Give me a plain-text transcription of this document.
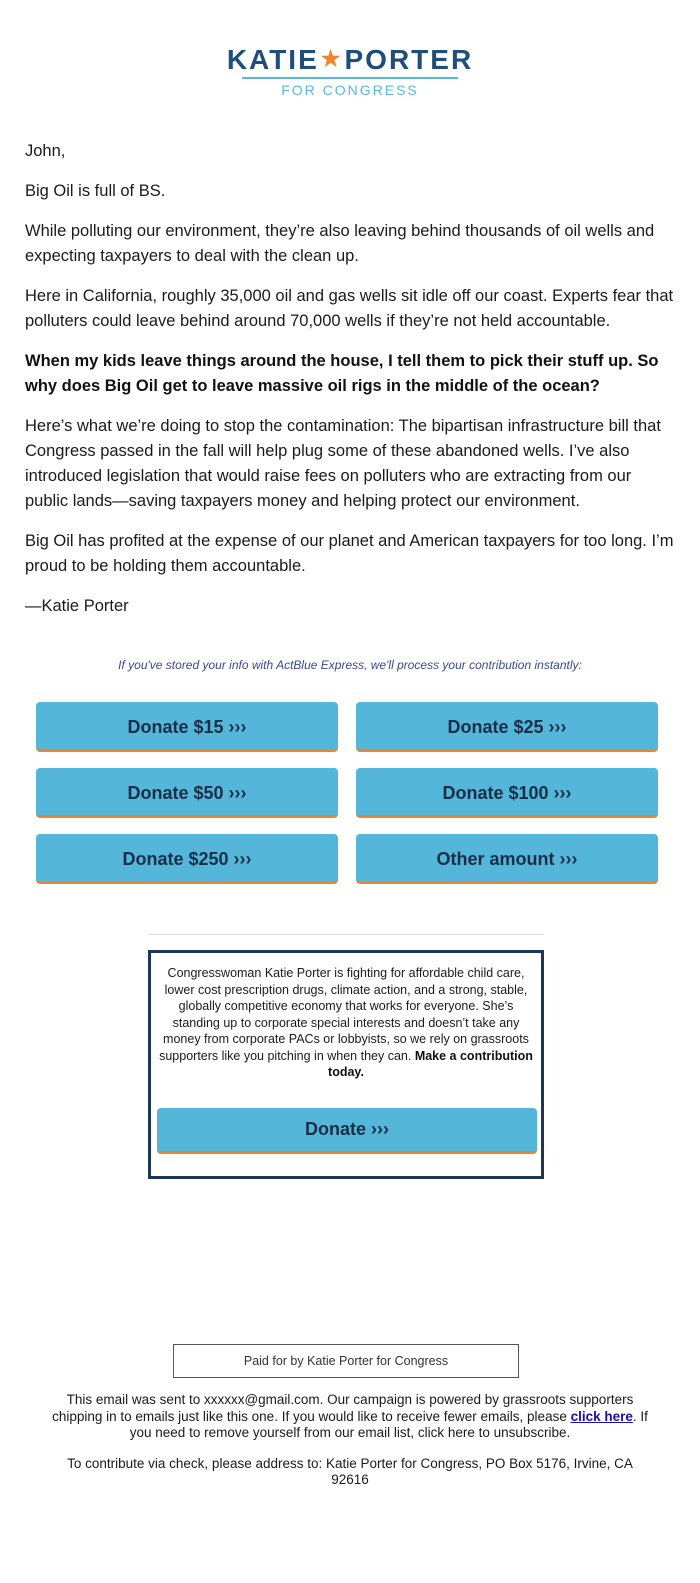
KATIE★PORTER
FOR CONGRESS

John,

Big Oil is full of BS.

While polluting our environment, they’re also leaving behind thousands of oil wells and expecting taxpayers to deal with the clean up.

Here in California, roughly 35,000 oil and gas wells sit idle off our coast. Experts fear that polluters could leave behind around 70,000 wells if they’re not held accountable.

When my kids leave things around the house, I tell them to pick their stuff up. So why does Big Oil get to leave massive oil rigs in the middle of the ocean?

Here’s what we’re doing to stop the contamination: The bipartisan infrastructure bill that Congress passed in the fall will help plug some of these abandoned wells. I’ve also introduced legislation that would raise fees on polluters who are extracting from our public lands—saving taxpayers money and helping protect our environment.

Big Oil has profited at the expense of our planet and American taxpayers for too long. I’m proud to be holding them accountable.

—Katie Porter

If you've stored your info with ActBlue Express, we'll process your contribution instantly:
Donate $15 ›››	Donate $25 ›››
Donate $50 ›››	Donate $100 ›››
Donate $250 ›››	Other amount ›››
Congresswoman Katie Porter is fighting for affordable child care, lower cost prescription drugs, climate action, and a strong, stable, globally competitive economy that works for everyone. She’s standing up to corporate special interests and doesn’t take any money from corporate PACs or lobbyists, so we rely on grassroots supporters like you pitching in when they can. Make a contribution today.
Donate ›››
Paid for by Katie Porter for Congress

This email was sent to xxxxxx@gmail.com. Our campaign is powered by grassroots supporters chipping in to emails just like this one. If you would like to receive fewer emails, please click here. If you need to remove yourself from our email list, click here to unsubscribe.

To contribute via check, please address to: Katie Porter for Congress, PO Box 5176, Irvine, CA 92616
